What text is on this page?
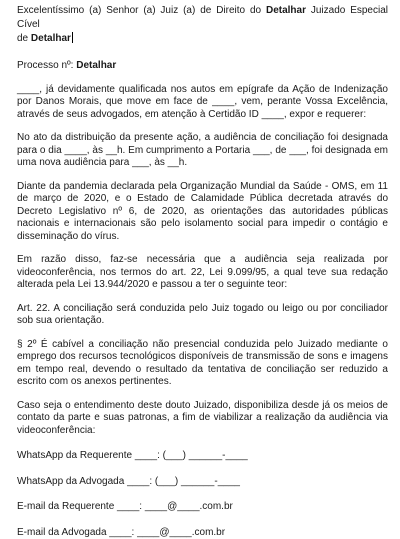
Excelentíssimo (a) Senhor (a) Juiz (a) de Direito do Detalhar Juizado Especial Cível

de Detalhar

Processo nº: Detalhar

____, já devidamente qualificada nos autos em epígrafe da Ação de Indenização por Danos Morais, que move em face de ____, vem, perante Vossa Excelência, através de seus advogados, em atenção à Certidão ID ____, expor e requerer:

No ato da distribuição da presente ação, a audiência de conciliação foi designada para o dia ____, às __h. Em cumprimento a Portaria ___, de ___, foi designada em uma nova audiência para ___, às __h.

Diante da pandemia declarada pela Organização Mundial da Saúde - OMS, em 11 de março de 2020, e o Estado de Calamidade Pública decretada através do Decreto Legislativo nº 6, de 2020, as orientações das autoridades públicas nacionais e internacionais são pelo isolamento social para impedir o contágio e disseminação do vírus.

Em razão disso, faz-se necessária que a audiência seja realizada por videoconferência, nos termos do art. 22, Lei 9.099/95, a qual teve sua redação alterada pela Lei 13.944/2020 e passou a ter o seguinte teor:

Art. 22. A conciliação será conduzida pelo Juiz togado ou leigo ou por conciliador sob sua orientação.

§ 2º É cabível a conciliação não presencial conduzida pelo Juizado mediante o emprego dos recursos tecnológicos disponíveis de transmissão de sons e imagens em tempo real, devendo o resultado da tentativa de conciliação ser reduzido a escrito com os anexos pertinentes.

Caso seja o entendimento deste douto Juizado, disponibiliza desde já os meios de contato da parte e suas patronas, a fim de viabilizar a realização da audiência via videoconferência:

WhatsApp da Requerente ____: (___) ______-____

WhatsApp da Advogada ____: (___) ______-____

E-mail da Requerente ____: ____@____.com.br

E-mail da Advogada ____: ____@____.com.br
